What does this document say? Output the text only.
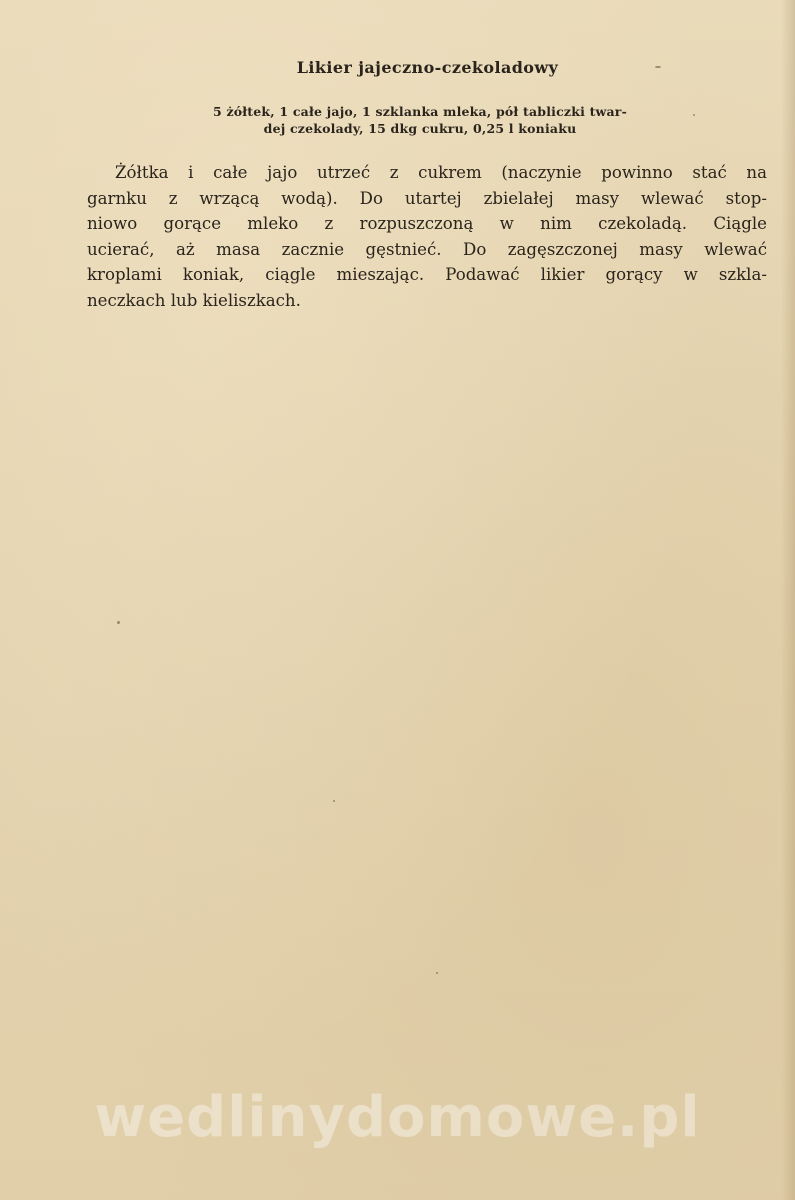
Likier jajeczno-czekoladowy
5 żółtek, 1 całe jajo, 1 szklanka mleka, pół tabliczki twar-
dej czekolady, 15 dkg cukru, 0,25 l koniaku
Żółtka i całe jajo utrzeć z cukrem (naczynie powinno stać na
garnku z wrzącą wodą). Do utartej zbielałej masy wlewać stop-
niowo gorące mleko z rozpuszczoną w nim czekoladą. Ciągle
ucierać, aż masa zacznie gęstnieć. Do zagęszczonej masy wlewać
kroplami koniak, ciągle mieszając. Podawać likier gorący w szkla-
neczkach lub kieliszkach.
wedlinydomowe.pl
